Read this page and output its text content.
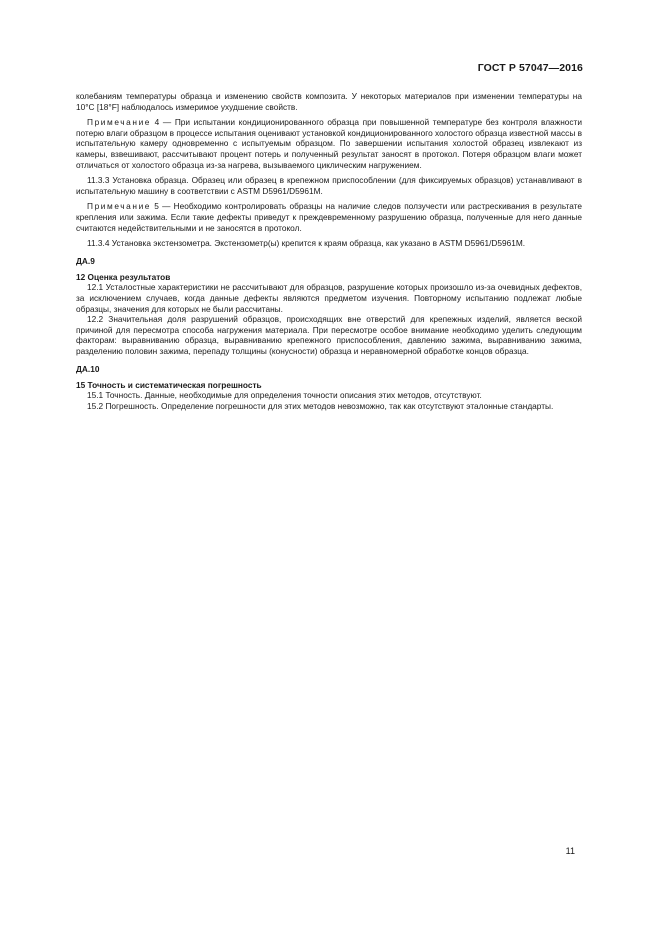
ГОСТ Р 57047—2016

колебаниям температуры образца и изменению свойств композита. У некоторых материалов при изменении температуры на 10°С [18°F] наблюдалось измеримое ухудшение свойств.

Примечание 4 — При испытании кондиционированного образца при повышенной температуре без контроля влажности потерю влаги образцом в процессе испытания оценивают установкой кондиционированного холостого образца известной массы в испытательную камеру одновременно с испытуемым образцом. По завершении испытания холостой образец извлекают из камеры, взвешивают, рассчитывают процент потерь и полученный результат заносят в протокол. Потеря образцом влаги может отличаться от холостого образца из-за нагрева, вызываемого циклическим нагружением.

11.3.3 Установка образца. Образец или образец в крепежном приспособлении (для фиксируемых образцов) устанавливают в испытательную машину в соответствии с ASTM D5961/D5961M.

Примечание 5 — Необходимо контролировать образцы на наличие следов ползучести или растрескивания в результате крепления или зажима. Если такие дефекты приведут к преждевременному разрушению образца, полученные для него данные считаются недействительными и не заносятся в протокол.

11.3.4 Установка экстензометра. Экстензометр(ы) крепится к краям образца, как указано в ASTM D5961/D5961M.

ДА.9

12 Оценка результатов

12.1 Усталостные характеристики не рассчитывают для образцов, разрушение которых произошло из-за очевидных дефектов, за исключением случаев, когда данные дефекты являются предметом изучения. Повторному испытанию подлежат любые образцы, значения для которых не были рассчитаны.

12.2 Значительная доля разрушений образцов, происходящих вне отверстий для крепежных изделий, является веской причиной для пересмотра способа нагружения материала. При пересмотре особое внимание необходимо уделить следующим факторам: выравниванию образца, выравниванию крепежного приспособления, давлению зажима, выравниванию зажима, разделению половин зажима, перепаду толщины (конусности) образца и неравномерной обработке концов образца.

ДА.10

15 Точность и систематическая погрешность

15.1 Точность. Данные, необходимые для определения точности описания этих методов, отсутствуют.

15.2 Погрешность. Определение погрешности для этих методов невозможно, так как отсутствуют эталонные стандарты.

11
